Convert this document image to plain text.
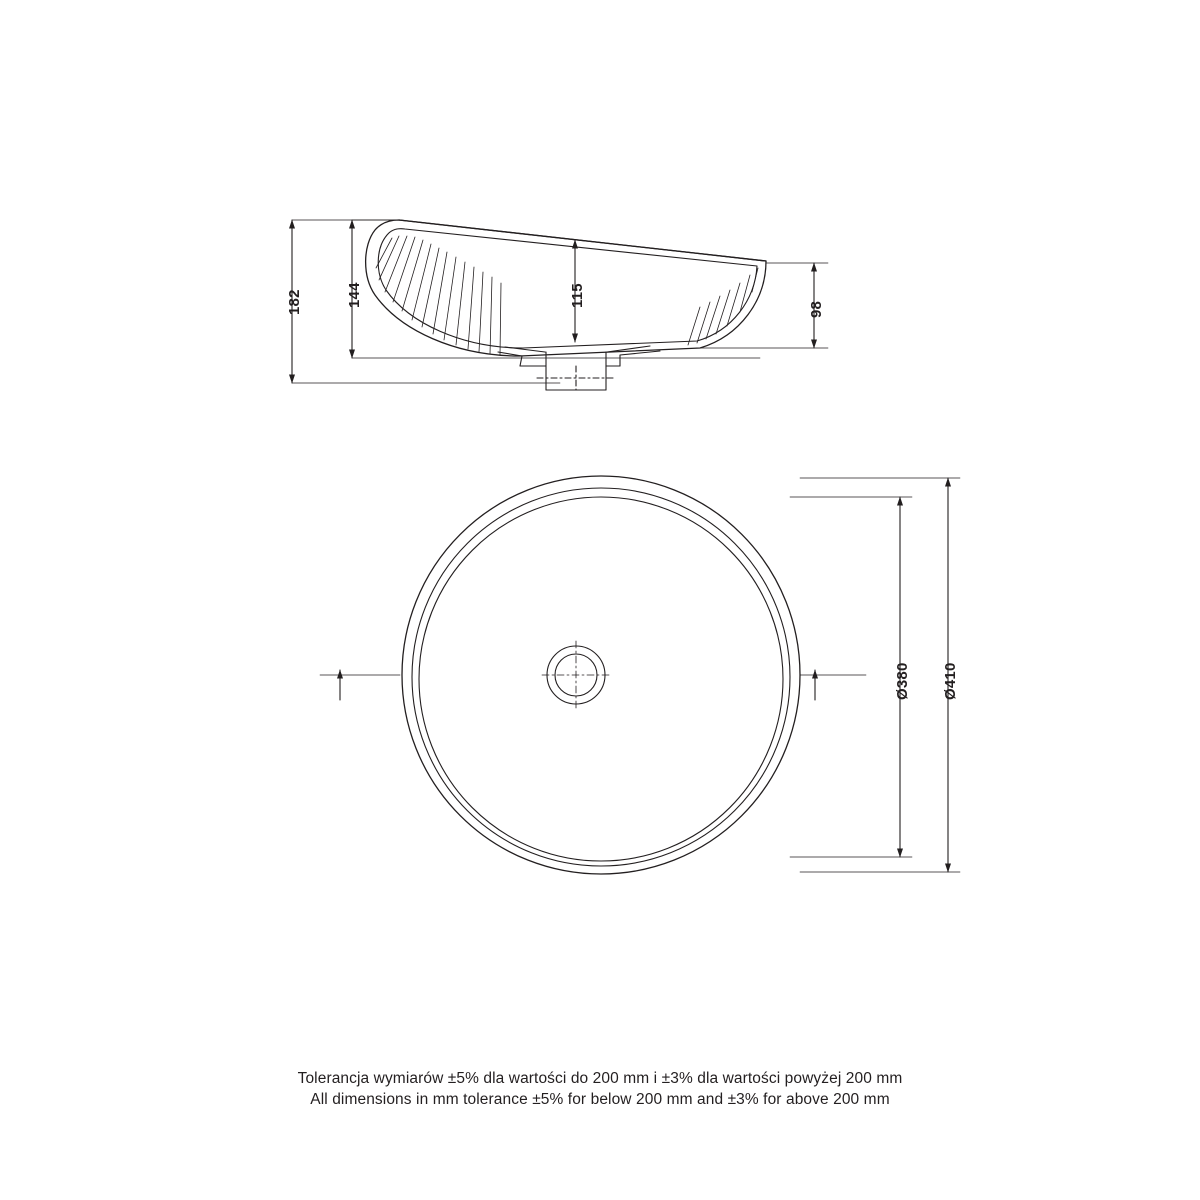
182	144	115
98
Ø380 Ø410
Tolerancja wymiarów ±5% dla wartości do 200 mm i ±3% dla wartości powyżej 200 mm
All dimensions in mm tolerance ±5% for below 200 mm and ±3% for above 200 mm
